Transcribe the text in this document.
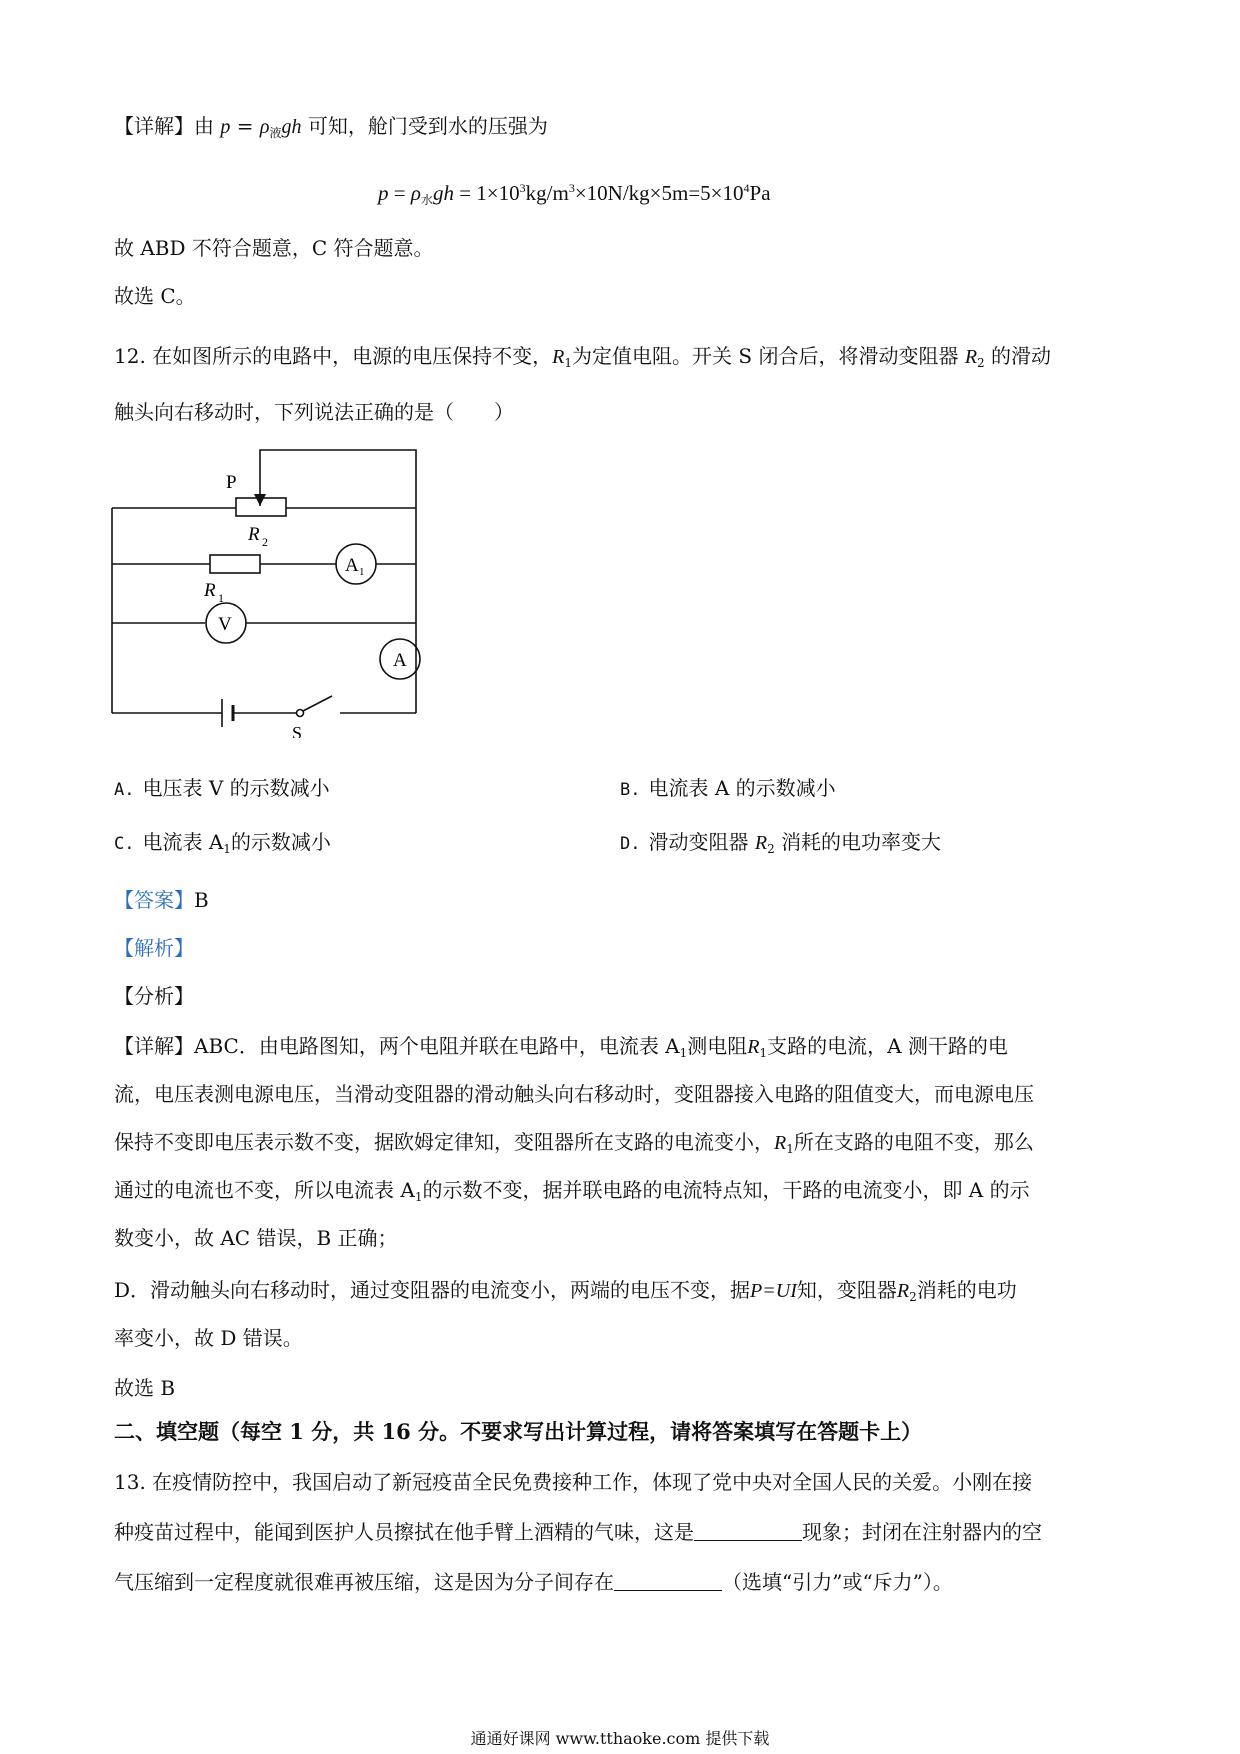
【详解】由 $p = \rho_液gh$ 可知，舱门受到水的压强为
$p = \rho_水gh = 1\times 10^3kg/m^3\times 10N/kg\times 5m=5\times 10^4Pa$
故 ABD 不符合题意，C 符合题意。
故选 C。
12. 在如图所示的电路中，电源的电压保持不变，$R_1$为定值电阻。开关 S 闭合后，将滑动变阻器 $R_2$ 的滑动
触头向右移动时，下列说法正确的是（　　）
P
R 2
R 1
A 1
V
A
S
A. 电压表 V 的示数减小	B. 电流表 A 的示数减小
C. 电流表 $A_1$的示数减小	D. 滑动变阻器 $R_2$ 消耗的电功率变大
【答案】B
【解析】
【分析】
【详解】ABC．由电路图知，两个电阻并联在电路中，电流表 $A_1$测电阻$R_1$支路的电流，A 测干路的电
流，电压表测电源电压，当滑动变阻器的滑动触头向右移动时，变阻器接入电路的阻值变大，而电源电压
保持不变即电压表示数不变，据欧姆定律知，变阻器所在支路的电流变小，$R_1$所在支路的电阻不变，那么
通过的电流也不变，所以电流表 $A_1$的示数不变，据并联电路的电流特点知，干路的电流变小，即 A 的示
数变小，故 AC 错误，B 正确；
D．滑动触头向右移动时，通过变阻器的电流变小，两端的电压不变，据P=UI知，变阻器$R_2$消耗的电功
率变小，故 D 错误。
故选 B
二、填空题（每空 1 分，共 16 分。不要求写出计算过程，请将答案填写在答题卡上）
13. 在疫情防控中，我国启动了新冠疫苗全民免费接种工作，体现了党中央对全国人民的关爱。小刚在接
种疫苗过程中，能闻到医护人员擦拭在他手臂上酒精的气味，这是	现象；封闭在注射器内的空
气压缩到一定程度就很难再被压缩，这是因为分子间存在	（选填“引力”或“斥力”）。
通通好课网 www.tthaoke.com 提供下载
